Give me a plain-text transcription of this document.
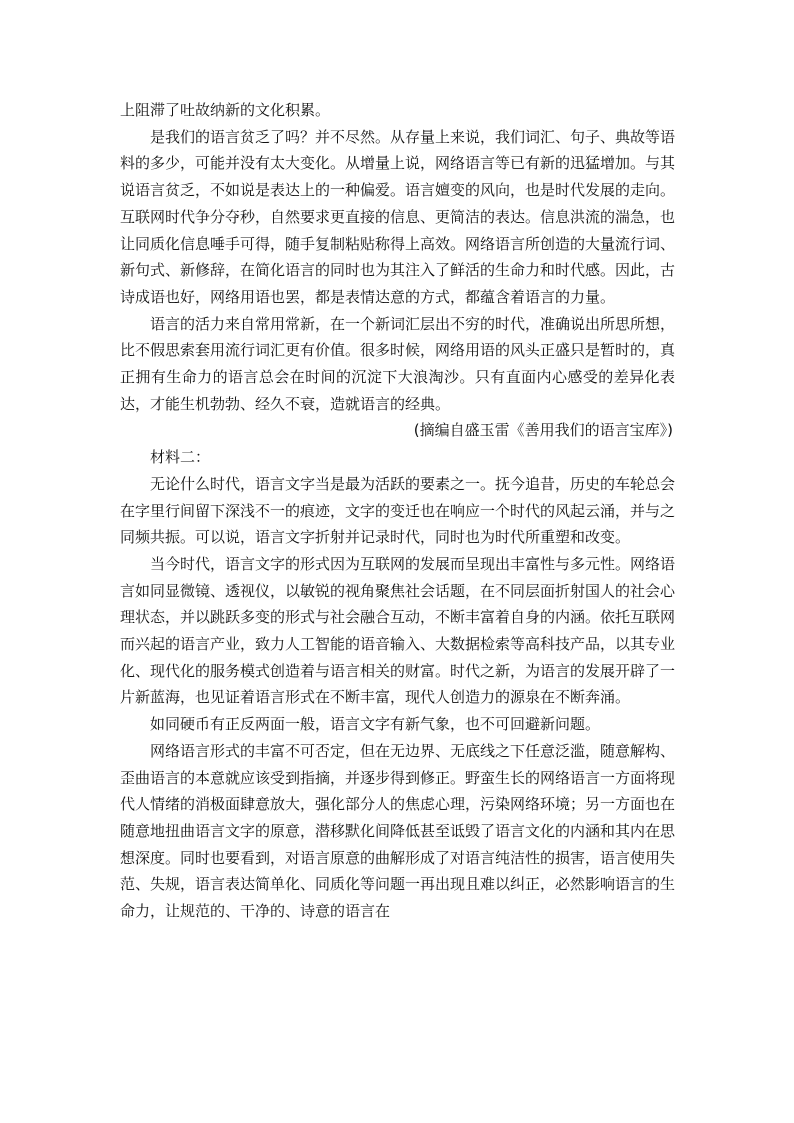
上阻滞了吐故纳新的文化积累。

是我们的语言贫乏了吗？并不尽然。从存量上来说，我们词汇、句子、典故等语料的多少，可能并没有太大变化。从增量上说，网络语言等已有新的迅猛增加。与其说语言贫乏，不如说是表达上的一种偏爱。语言嬗变的风向，也是时代发展的走向。互联网时代争分夺秒，自然要求更直接的信息、更简洁的表达。信息洪流的湍急，也让同质化信息唾手可得，随手复制粘贴称得上高效。网络语言所创造的大量流行词、新句式、新修辞，在简化语言的同时也为其注入了鲜活的生命力和时代感。因此，古诗成语也好，网络用语也罢，都是表情达意的方式，都蕴含着语言的力量。

语言的活力来自常用常新，在一个新词汇层出不穷的时代，准确说出所思所想，比不假思索套用流行词汇更有价值。很多时候，网络用语的风头正盛只是暂时的，真正拥有生命力的语言总会在时间的沉淀下大浪淘沙。只有直面内心感受的差异化表达，才能生机勃勃、经久不衰，造就语言的经典。

(摘编自盛玉雷《善用我们的语言宝库》)

材料二：

无论什么时代，语言文字当是最为活跃的要素之一。抚今追昔，历史的车轮总会在字里行间留下深浅不一的痕迹，文字的变迁也在响应一个时代的风起云涌，并与之同频共振。可以说，语言文字折射并记录时代，同时也为时代所重塑和改变。

当今时代，语言文字的形式因为互联网的发展而呈现出丰富性与多元性。网络语言如同显微镜、透视仪，以敏锐的视角聚焦社会话题，在不同层面折射国人的社会心理状态，并以跳跃多变的形式与社会融合互动，不断丰富着自身的内涵。依托互联网而兴起的语言产业，致力人工智能的语音输入、大数据检索等高科技产品，以其专业化、现代化的服务模式创造着与语言相关的财富。时代之新，为语言的发展开辟了一片新蓝海，也见证着语言形式在不断丰富，现代人创造力的源泉在不断奔涌。

如同硬币有正反两面一般，语言文字有新气象，也不可回避新问题。

网络语言形式的丰富不可否定，但在无边界、无底线之下任意泛滥，随意解构、歪曲语言的本意就应该受到指摘，并逐步得到修正。野蛮生长的网络语言一方面将现代人情绪的消极面肆意放大，强化部分人的焦虑心理，污染网络环境；另一方面也在随意地扭曲语言文字的原意，潜移默化间降低甚至诋毁了语言文化的内涵和其内在思想深度。同时也要看到，对语言原意的曲解形成了对语言纯洁性的损害，语言使用失范、失规，语言表达简单化、同质化等问题一再出现且难以纠正，必然影响语言的生命力，让规范的、干净的、诗意的语言在
